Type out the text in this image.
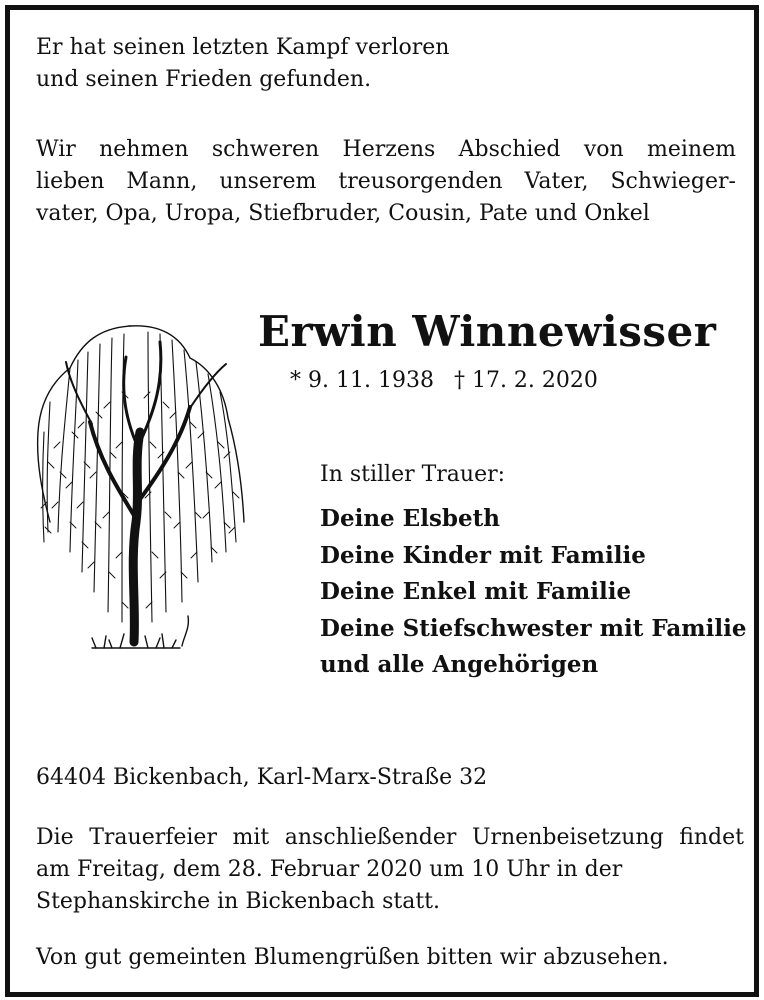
Er hat seinen letzten Kampf verloren
und seinen Frieden gefunden.
Wir nehmen schweren Herzens Abschied von meinem
lieben Mann, unserem treusorgenden Vater, Schwieger-
vater, Opa, Uropa, Stiefbruder, Cousin, Pate und Onkel
Erwin Winnewisser
* 9. 11. 1938 † 17. 2. 2020
In stiller Trauer:
Deine Elsbeth
Deine Kinder mit Familie
Deine Enkel mit Familie
Deine Stiefschwester mit Familie
und alle Angehörigen
64404 Bickenbach, Karl-Marx-Straße 32
Die Trauerfeier mit anschließender Urnenbeisetzung findet
am Freitag, dem 28. Februar 2020 um 10 Uhr in der
Stephanskirche in Bickenbach statt.
Von gut gemeinten Blumengrüßen bitten wir abzusehen.
